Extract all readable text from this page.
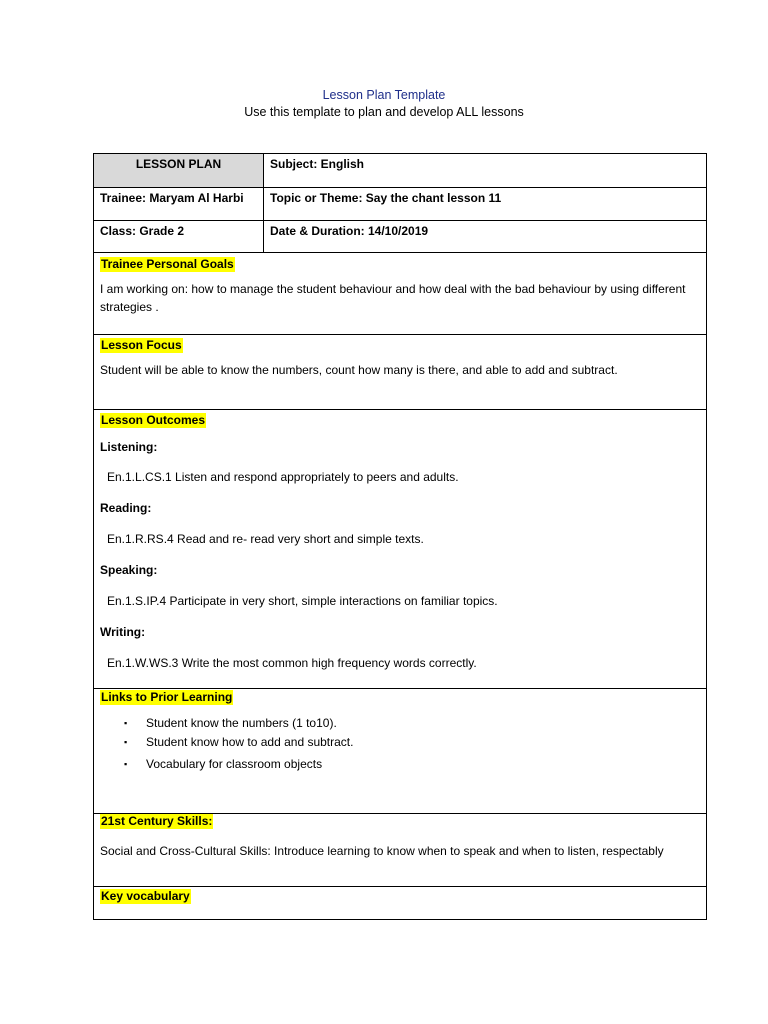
Lesson Plan Template
Use this template to plan and develop ALL lessons
LESSON PLAN	Subject: English
Trainee: Maryam Al Harbi	Topic or Theme: Say the chant lesson 11
Class: Grade 2	Date & Duration: 14/10/2019
Trainee Personal Goals
I am working on: how to manage the student behaviour and how deal with the bad behaviour by using different strategies .
Lesson Focus
Student will be able to know the numbers, count how many is there, and able to add and subtract.
Lesson Outcomes
Listening:
En.1.L.CS.1 Listen and respond appropriately to peers and adults.
Reading:
En.1.R.RS.4 Read and re- read very short and simple texts.
Speaking:
En.1.S.IP.4 Participate in very short, simple interactions on familiar topics.
Writing:
En.1.W.WS.3 Write the most common high frequency words correctly.
Links to Prior Learning
▪ Student know the numbers (1 to10).
▪ Student know how to add and subtract.
▪ Vocabulary for classroom objects
21st Century Skills:
Social and Cross-Cultural Skills: Introduce learning to know when to speak and when to listen, respectably
Key vocabulary
